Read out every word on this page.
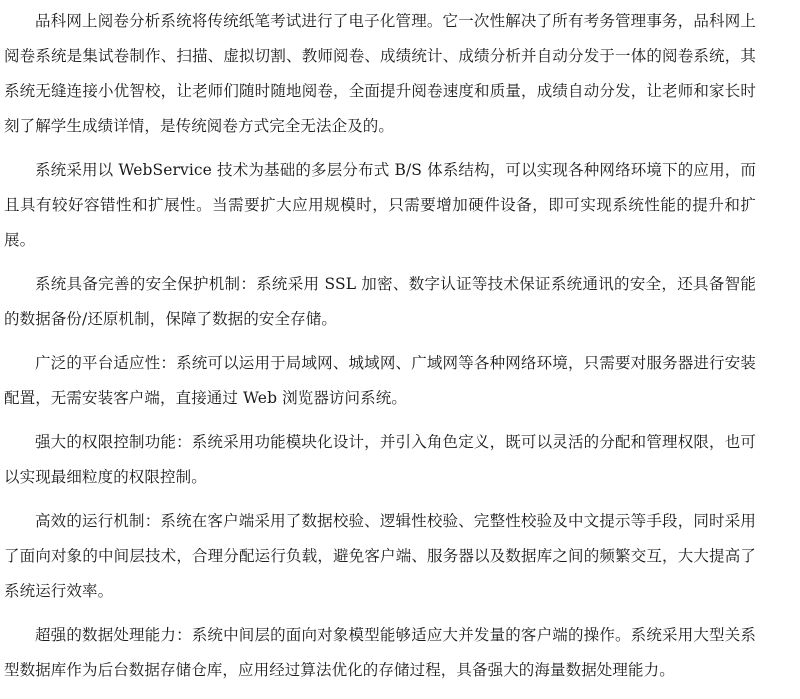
品科网上阅卷分析系统将传统纸笔考试进行了电子化管理。它一次性解决了所有考务管理事务，品科网上阅卷系统是集试卷制作、扫描、虚拟切割、教师阅卷、成绩统计、成绩分析并自动分发于一体的阅卷系统，其系统无缝连接小优智校，让老师们随时随地阅卷，全面提升阅卷速度和质量，成绩自动分发，让老师和家长时刻了解学生成绩详情，是传统阅卷方式完全无法企及的。

系统采用以 WebService 技术为基础的多层分布式 B/S 体系结构，可以实现各种网络环境下的应用，而且具有较好容错性和扩展性。当需要扩大应用规模时，只需要增加硬件设备，即可实现系统性能的提升和扩展。

系统具备完善的安全保护机制：系统采用 SSL 加密、数字认证等技术保证系统通讯的安全，还具备智能的数据备份/还原机制，保障了数据的安全存储。

广泛的平台适应性：系统可以运用于局域网、城域网、广域网等各种网络环境，只需要对服务器进行安装配置，无需安装客户端，直接通过 Web 浏览器访问系统。

强大的权限控制功能：系统采用功能模块化设计，并引入角色定义，既可以灵活的分配和管理权限，也可以实现最细粒度的权限控制。

高效的运行机制：系统在客户端采用了数据校验、逻辑性校验、完整性校验及中文提示等手段，同时采用了面向对象的中间层技术，合理分配运行负载，避免客户端、服务器以及数据库之间的频繁交互，大大提高了系统运行效率。

超强的数据处理能力：系统中间层的面向对象模型能够适应大并发量的客户端的操作。系统采用大型关系型数据库作为后台数据存储仓库，应用经过算法优化的存储过程，具备强大的海量数据处理能力。
